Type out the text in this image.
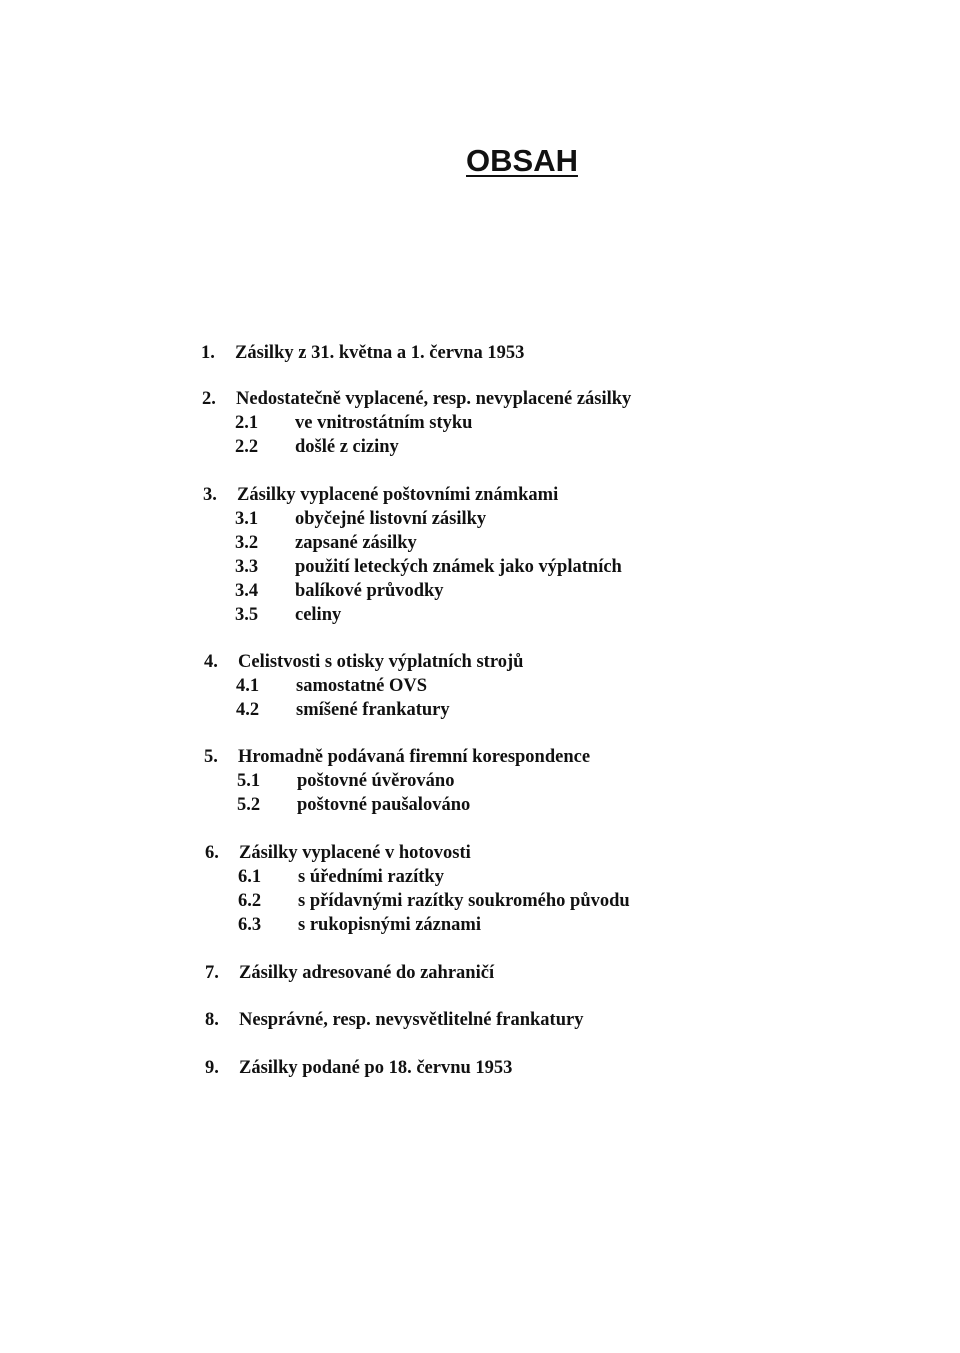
OBSAH
1. Zásilky z 31. května a 1. června 1953
2. Nedostatečně vyplacené, resp. nevyplacené zásilky
2.1 ve vnitrostátním styku
2.2 došlé z ciziny
3. Zásilky vyplacené poštovními známkami
3.1 obyčejné listovní zásilky
3.2 zapsané zásilky
3.3 použití leteckých známek jako výplatních
3.4 balíkové průvodky
3.5 celiny
4. Celistvosti s otisky výplatních strojů
4.1 samostatné OVS
4.2 smíšené frankatury
5. Hromadně podávaná firemní korespondence
5.1 poštovné úvěrováno
5.2 poštovné paušalováno
6. Zásilky vyplacené v hotovosti
6.1 s úředními razítky
6.2 s přídavnými razítky soukromého původu
6.3 s rukopisnými záznami
7. Zásilky adresované do zahraničí
8. Nesprávné, resp. nevysvětlitelné frankatury
9. Zásilky podané po 18. červnu 1953
